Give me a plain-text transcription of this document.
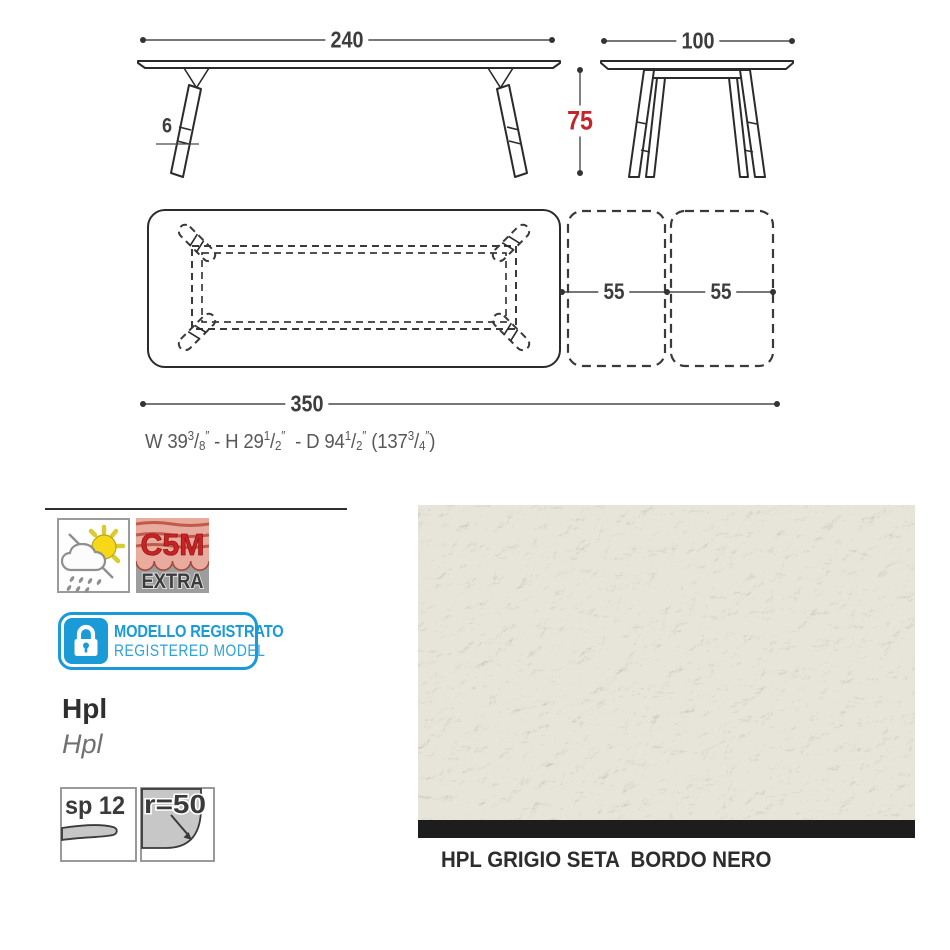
240	100
75
6
55	55
350
W $39^3/_8''$ - H $29^1/_2''$  - D $94^1/_2''$ $(137^3/_4'')$
C5M
EXTRA
MODELLO REGISTRATO
REGISTERED MODEL
Hpl
Hpl
sp 12 r=50
HPL GRIGIO SETA  BORDO NERO
